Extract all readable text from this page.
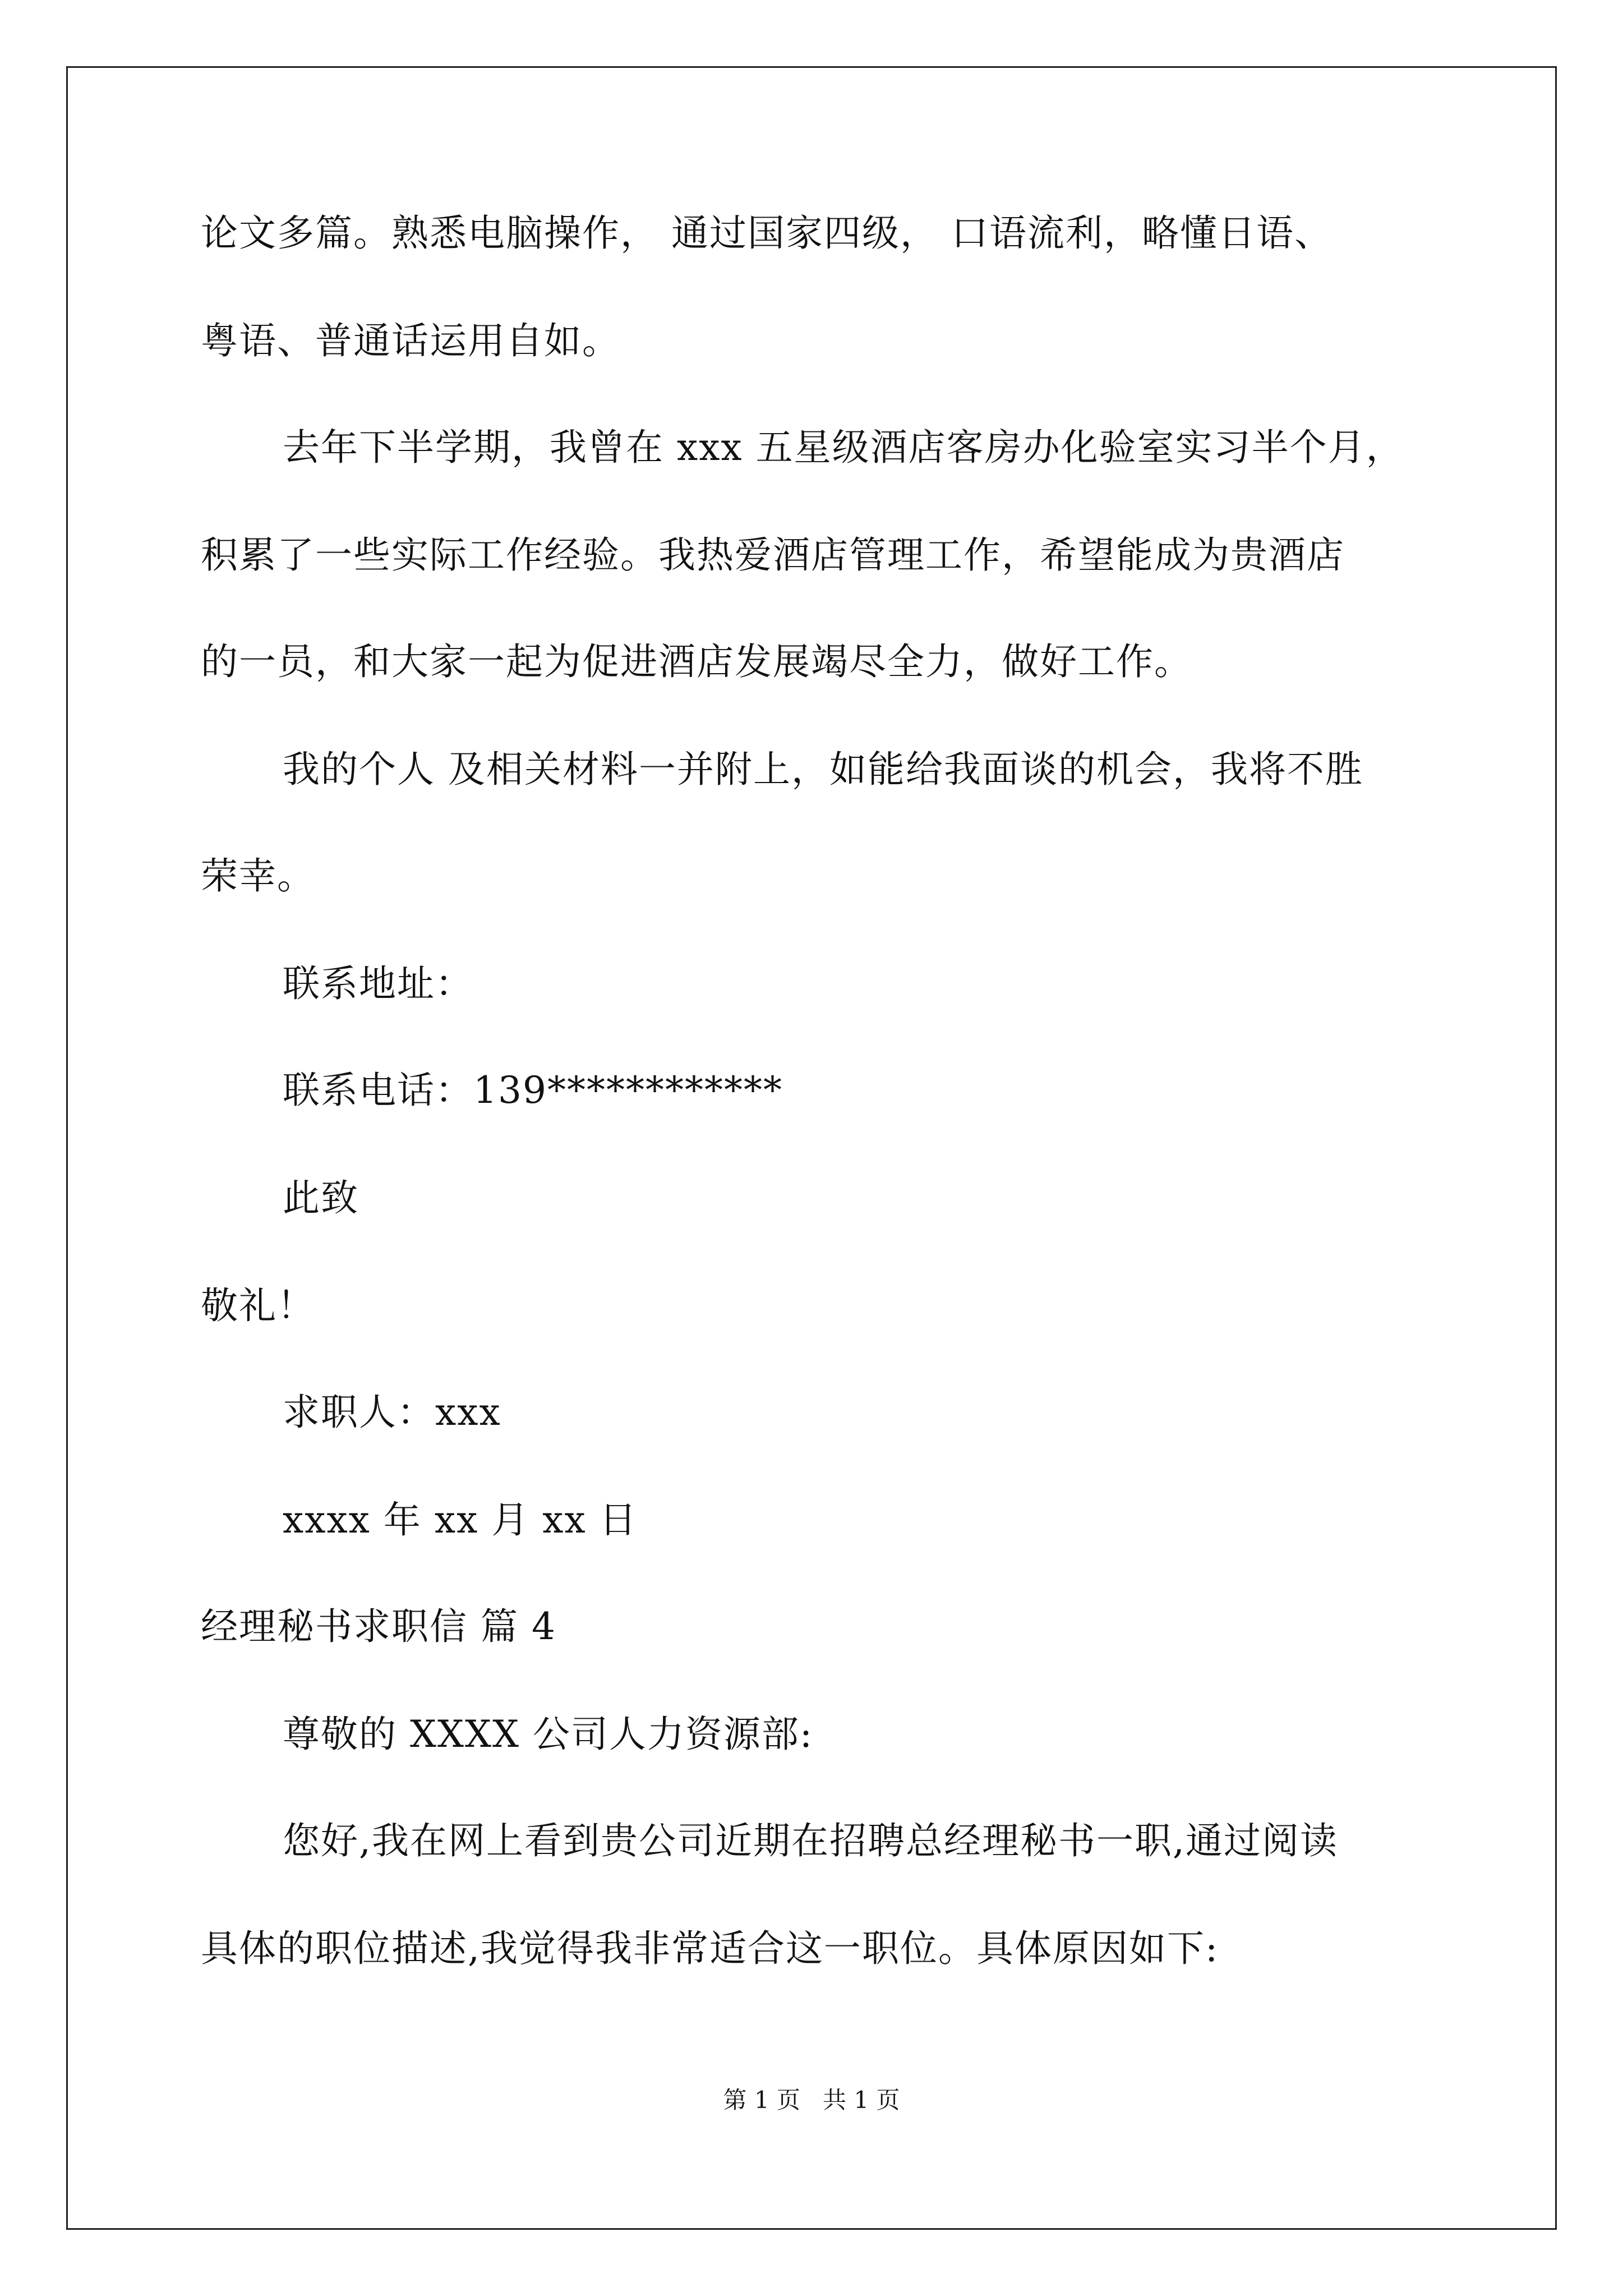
论文多篇。熟悉电脑操作， 通过国家四级， 口语流利，略懂日语、
粤语、普通话运用自如。
去年下半学期，我曾在 xxx 五星级酒店客房办化验室实习半个月，
积累了一些实际工作经验。我热爱酒店管理工作，希望能成为贵酒店
的一员，和大家一起为促进酒店发展竭尽全力，做好工作。
我的个人 及相关材料一并附上，如能给我面谈的机会，我将不胜
荣幸。
联系地址：
联系电话：139************
此致
敬礼！
求职人：xxx
xxxx 年 xx 月 xx 日
经理秘书求职信 篇 4
尊敬的 XXXX 公司人力资源部:
您好,我在网上看到贵公司近期在招聘总经理秘书一职,通过阅读
具体的职位描述,我觉得我非常适合这一职位。具体原因如下:
第 1 页   共 1 页
